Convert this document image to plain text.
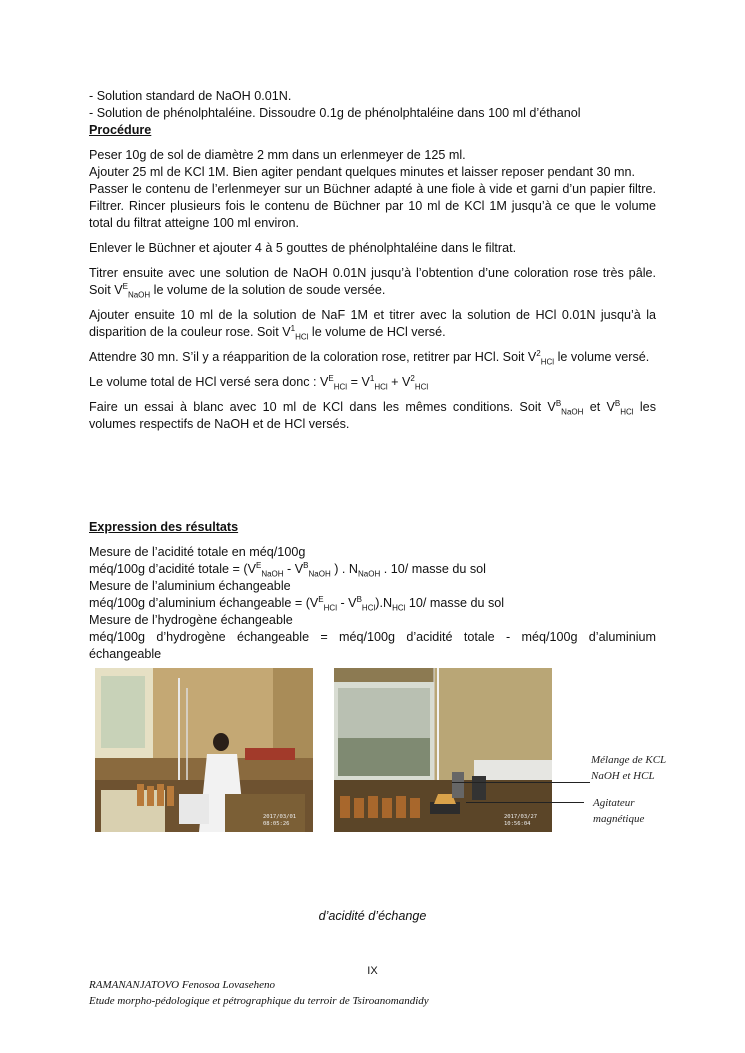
- Solution standard de NaOH 0.01N.

- Solution de phénolphtaléine. Dissoudre 0.1g de phénolphtaléine dans 100 ml d’éthanol

Procédure

Peser 10g de sol de diamètre 2 mm dans un erlenmeyer de 125 ml.

Ajouter 25 ml de KCl 1M. Bien agiter pendant quelques minutes et laisser reposer pendant 30 mn.

Passer le contenu de l’erlenmeyer sur un Büchner adapté à une fiole à vide et garni d’un papier filtre. Filtrer. Rincer plusieurs fois le contenu de Büchner par 10 ml de KCl 1M jusqu’à ce que le volume total du filtrat atteigne 100 ml environ.

Enlever le Büchner et ajouter 4 à 5 gouttes de phénolphtaléine dans le filtrat.

Titrer ensuite avec une solution de NaOH 0.01N jusqu’à l’obtention d’une coloration rose très pâle. Soit $V^E_{NaOH}$ le volume de la solution de soude versée.

Ajouter ensuite 10 ml de la solution de NaF 1M et titrer avec la solution de HCl 0.01N jusqu’à la disparition de la couleur rose. Soit $V^1_{HCl}$ le volume de HCl versé.

Attendre 30 mn. S’il y a réapparition de la coloration rose, retitrer par HCl. Soit $V^2_{HCl}$ le volume versé.

Le volume total de HCl versé sera donc : $V^E_{HCl} = V^1_{HCl} + V^2_{HCl}$

Faire un essai à blanc avec 10 ml de KCl dans les mêmes conditions. Soit $V^B_{NaOH}$ et $V^B_{HCl}$ les volumes respectifs de NaOH et de HCl versés.

Expression des résultats

Mesure de l’acidité totale en méq/100g

méq/100g d’acidité totale = ($V^E_{NaOH} - V^B_{NaOH}$ ) . $N_{NaOH}$ . 10/ masse du sol

Mesure de l’aluminium échangeable

méq/100g d’aluminium échangeable = $(V^E_{HCl} - V^B_{HCl}).N_{HCl}$ 10/ masse du sol

Mesure de l’hydrogène échangeable

méq/100g d’hydrogène échangeable = méq/100g d’acidité totale - méq/100g d’aluminium échangeable

2017/03/01
08:05:26
2017/03/27
10:56:04
Mélange de KCL
NaOH et HCL
Agitateur
magnétique
d’acidité d’échange
IX
RAMANANJATOVO Fenosoa Lovaseheno
Etude morpho-pédologique et pétrographique du terroir de Tsiroanomandidy
